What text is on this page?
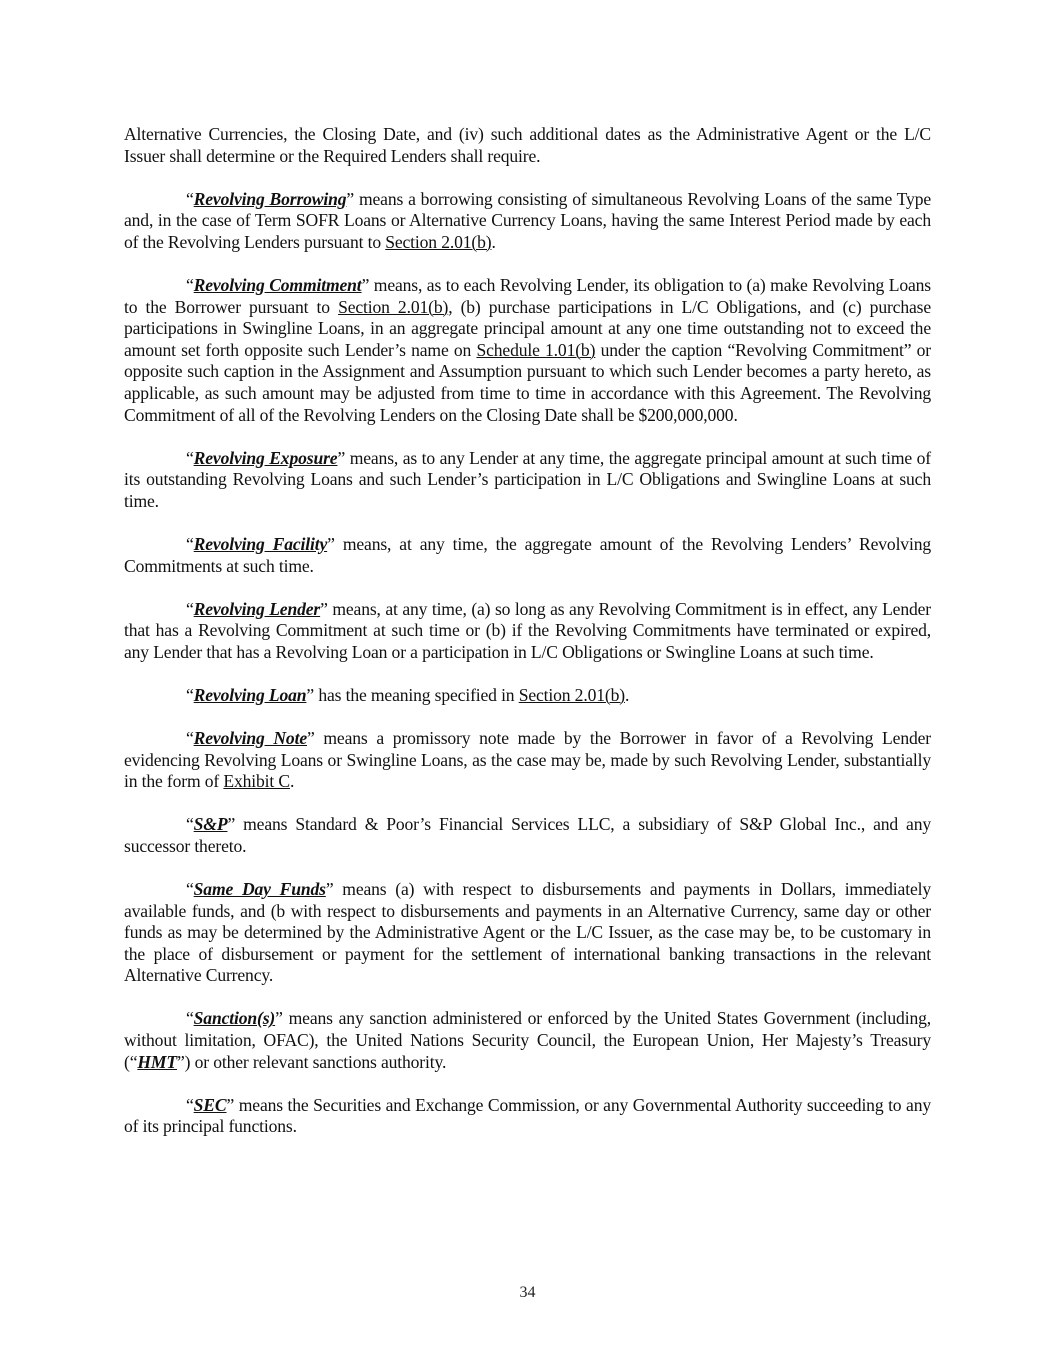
Alternative Currencies, the Closing Date, and (iv) such additional dates as the Administrative Agent or the L/C Issuer shall determine or the Required Lenders shall require.

“Revolving Borrowing” means a borrowing consisting of simultaneous Revolving Loans of the same Type and, in the case of Term SOFR Loans or Alternative Currency Loans, having the same Interest Period made by each of the Revolving Lenders pursuant to Section 2.01(b).

“Revolving Commitment” means, as to each Revolving Lender, its obligation to (a) make Revolving Loans to the Borrower pursuant to Section 2.01(b), (b) purchase participations in L/C Obligations, and (c) purchase participations in Swingline Loans, in an aggregate principal amount at any one time outstanding not to exceed the amount set forth opposite such Lender’s name on Schedule 1.01(b) under the caption “Revolving Commitment” or opposite such caption in the Assignment and Assumption pursuant to which such Lender becomes a party hereto, as applicable, as such amount may be adjusted from time to time in accordance with this Agreement. The Revolving Commitment of all of the Revolving Lenders on the Closing Date shall be $200,000,000.

“Revolving Exposure” means, as to any Lender at any time, the aggregate principal amount at such time of its outstanding Revolving Loans and such Lender’s participation in L/C Obligations and Swingline Loans at such time.

“Revolving Facility” means, at any time, the aggregate amount of the Revolving Lenders’ Revolving Commitments at such time.

“Revolving Lender” means, at any time, (a) so long as any Revolving Commitment is in effect, any Lender that has a Revolving Commitment at such time or (b) if the Revolving Commitments have terminated or expired, any Lender that has a Revolving Loan or a participation in L/C Obligations or Swingline Loans at such time.

“Revolving Loan” has the meaning specified in Section 2.01(b).

“Revolving Note” means a promissory note made by the Borrower in favor of a Revolving Lender evidencing Revolving Loans or Swingline Loans, as the case may be, made by such Revolving Lender, substantially in the form of Exhibit C.

“S&P” means Standard & Poor’s Financial Services LLC, a subsidiary of S&P Global Inc., and any successor thereto.

“Same Day Funds” means (a) with respect to disbursements and payments in Dollars, immediately available funds, and (b with respect to disbursements and payments in an Alternative Currency, same day or other funds as may be determined by the Administrative Agent or the L/C Issuer, as the case may be, to be customary in the place of disbursement or payment for the settlement of international banking transactions in the relevant Alternative Currency.

“Sanction(s)” means any sanction administered or enforced by the United States Government (including, without limitation, OFAC), the United Nations Security Council, the European Union, Her Majesty’s Treasury (“HMT”) or other relevant sanctions authority.

“SEC” means the Securities and Exchange Commission, or any Governmental Authority succeeding to any of its principal functions.

34
